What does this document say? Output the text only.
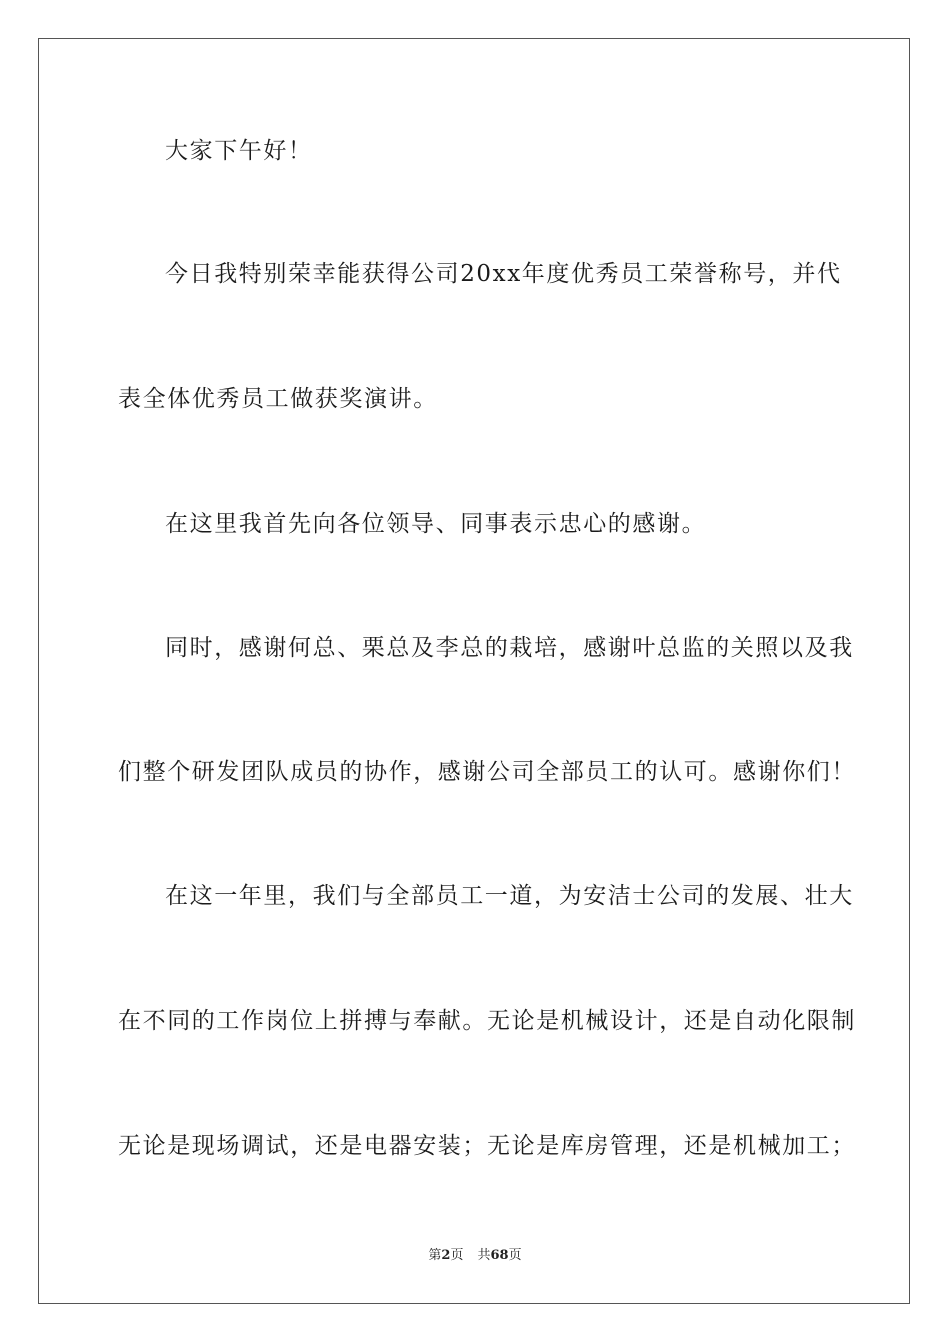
大家下午好！
今日我特别荣幸能获得公司20xx年度优秀员工荣誉称号，并代
表全体优秀员工做获奖演讲。
在这里我首先向各位领导、同事表示忠心的感谢。
同时，感谢何总、栗总及李总的栽培，感谢叶总监的关照以及我
们整个研发团队成员的协作，感谢公司全部员工的认可。感谢你们！
在这一年里，我们与全部员工一道，为安洁士公司的发展、壮大
在不同的工作岗位上拼搏与奉献。无论是机械设计，还是自动化限制
无论是现场调试，还是电器安装；无论是库房管理，还是机械加工；
第2页 共68页
